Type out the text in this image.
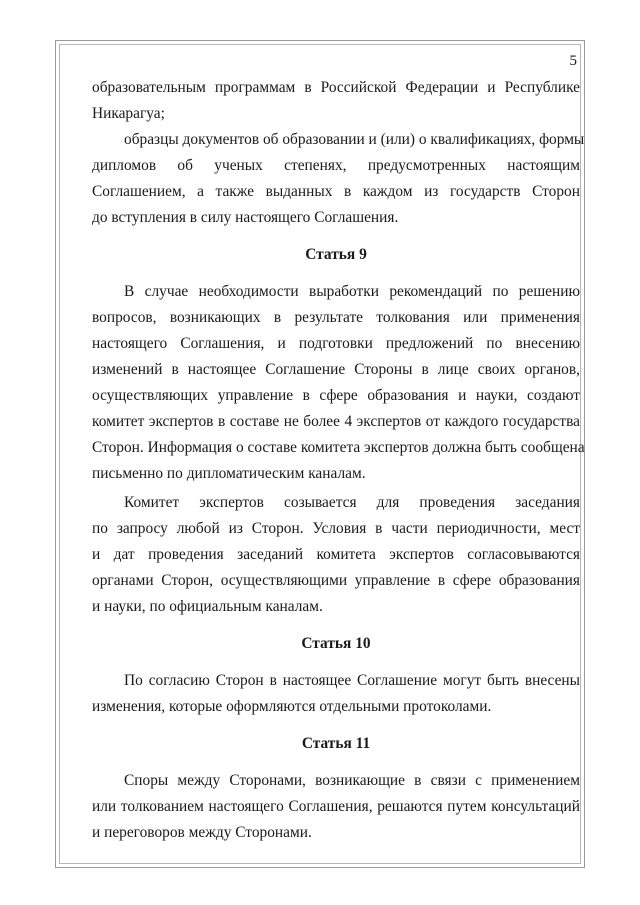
5
образовательным программам в Российской Федерации и Республике
Никарагуа;
образцы документов об образовании и (или) о квалификациях, формы
дипломов об ученых степенях, предусмотренных настоящим
Соглашением, а также выданных в каждом из государств Сторон
до вступления в силу настоящего Соглашения.
Статья 9
В случае необходимости выработки рекомендаций по решению
вопросов, возникающих в результате толкования или применения
настоящего Соглашения, и подготовки предложений по внесению
изменений в настоящее Соглашение Стороны в лице своих органов,
осуществляющих управление в сфере образования и науки, создают
комитет экспертов в составе не более 4 экспертов от каждого государства
Сторон. Информация о составе комитета экспертов должна быть сообщена
письменно по дипломатическим каналам.
Комитет экспертов созывается для проведения заседания
по запросу любой из Сторон. Условия в части периодичности, мест
и дат проведения заседаний комитета экспертов согласовываются
органами Сторон, осуществляющими управление в сфере образования
и науки, по официальным каналам.
Статья 10
По согласию Сторон в настоящее Соглашение могут быть внесены
изменения, которые оформляются отдельными протоколами.
Статья 11
Споры между Сторонами, возникающие в связи с применением
или толкованием настоящего Соглашения, решаются путем консультаций
и переговоров между Сторонами.
